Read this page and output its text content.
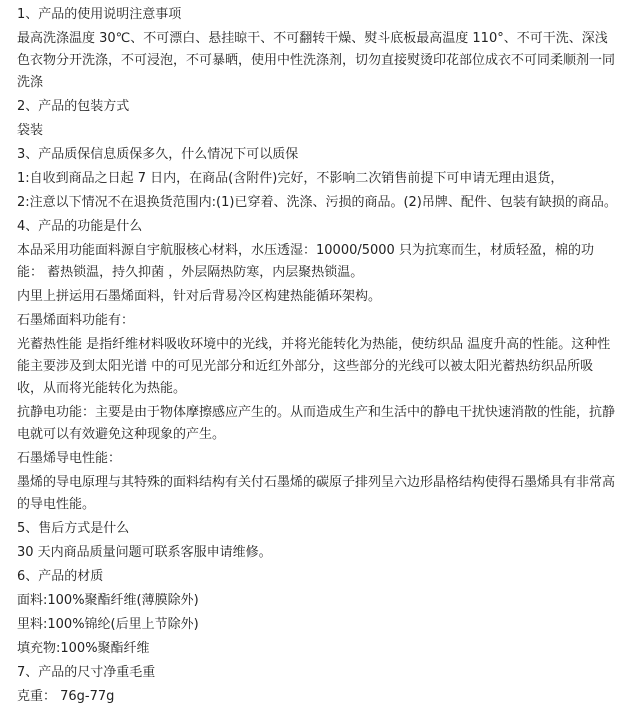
1、产品的使用说明注意事项

最高洗涤温度 30℃、不可漂白、悬挂晾干、不可翻转干燥、熨斗底板最高温度 110°、不可干洗、深浅色衣物分开洗涤，不可浸泡，不可暴晒，使用中性洗涤剂，切勿直接熨烫印花部位成衣不可同柔顺剂一同洗涤

2、产品的包装方式

袋装

3、产品质保信息质保多久，什么情况下可以质保

1:自收到商品之日起 7 日内，在商品(含附件)完好，不影响二次销售前提下可申请无理由退货，

2:注意以下情况不在退换货范围内:(1)已穿着、洗涤、污损的商品。(2)吊牌、配件、包装有缺损的商品。

4、产品的功能是什么

本品采用功能面料源自宇航服核心材料，水压透湿：10000/5000 只为抗寒而生，材质轻盈，棉的功能： 蓄热锁温，持久抑菌 ，外层隔热防寒，内层聚热锁温。

内里上拼运用石墨烯面料，针对后背易冷区构建热能循环架构。

石墨烯面料功能有：

光蓄热性能 是指纤维材料吸收环境中的光线，并将光能转化为热能，使纺织品 温度升高的性能。这种性能主要涉及到太阳光谱 中的可见光部分和近红外部分，这些部分的光线可以被太阳光蓄热纺织品所吸收，从而将光能转化为热能。

抗静电功能：主要是由于物体摩擦感应产生的。从而造成生产和生活中的静电干扰快速消散的性能，抗静电就可以有效避免这种现象的产生。

石墨烯导电性能：

墨烯的导电原理与其特殊的面料结构有关付石墨烯的碳原子排列呈六边形晶格结构使得石墨烯具有非常高的导电性能。

5、售后方式是什么

30 天内商品质量问题可联系客服申请维修。

6、产品的材质

面料:100%聚酯纤维(薄膜除外)

里料:100%锦纶(后里上节除外)

填充物:100%聚酯纤维

7、产品的尺寸净重毛重

克重： 76g-77g
